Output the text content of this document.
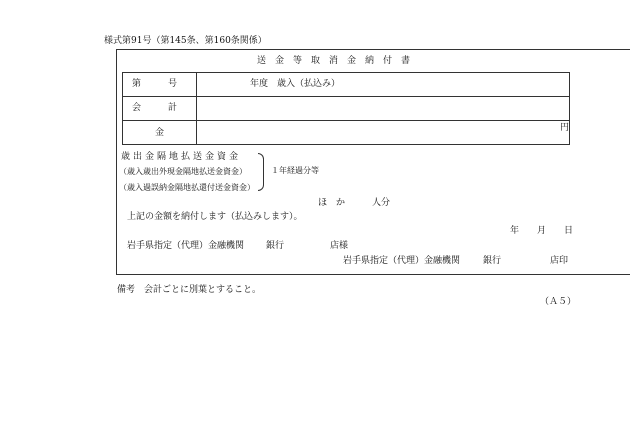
様式第91号（第145条、第160条関係）
送　金　等　取　消　金　納　付　書
第　　　号	年度　歳入（払込み）
会　　　計
金	円
歳出金隔地払送金資金
（歳入歳出外現金隔地払送金資金）
（歳入過誤納金隔地払還付送金資金）
１年経過分等
ほ　か	人分
上記の金額を納付します（払込みします）。
年　　月　　日
岩手県指定（代理）金融機関 銀行	店様
岩手県指定（代理）金融機関	銀行	店印
備考　会計ごとに別葉とすること。
（Ａ５）
